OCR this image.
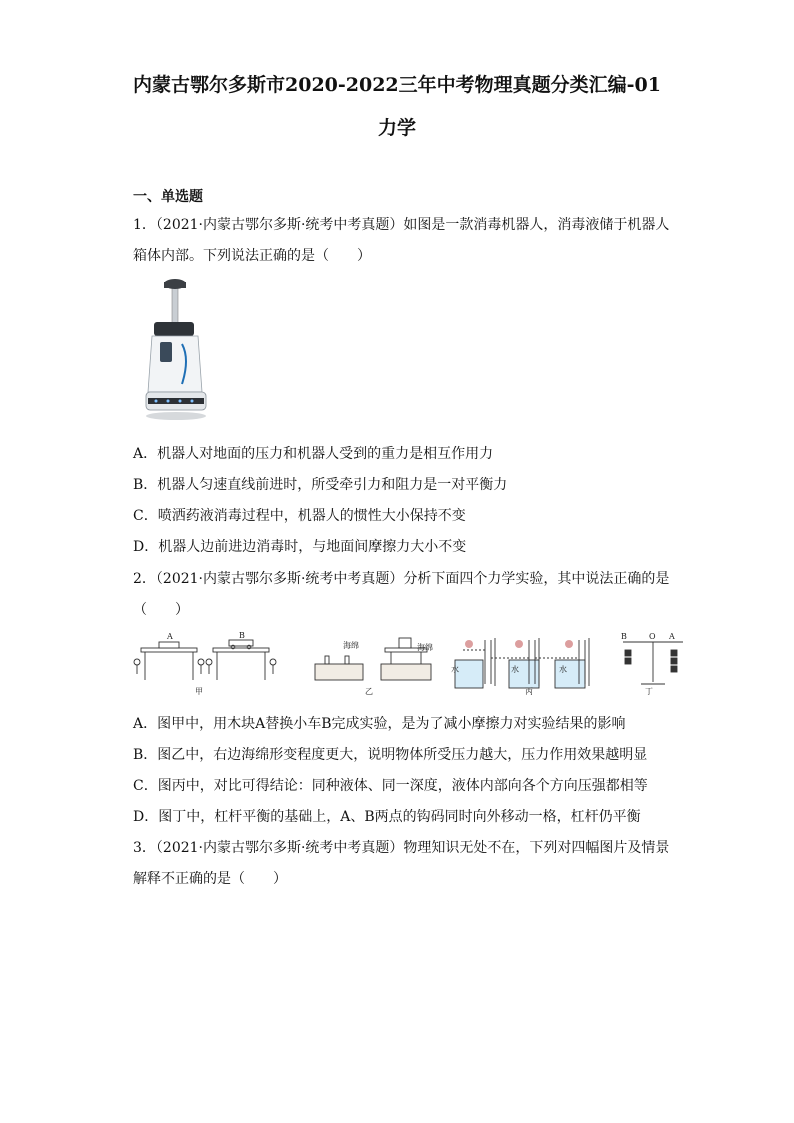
内蒙古鄂尔多斯市2020-2022三年中考物理真题分类汇编-01
力学
一、单选题
1．（2021·内蒙古鄂尔多斯·统考中考真题）如图是一款消毒机器人，消毒液储于机器人
箱体内部。下列说法正确的是（　　）
A．机器人对地面的压力和机器人受到的重力是相互作用力
B．机器人匀速直线前进时，所受牵引力和阻力是一对平衡力
C．喷洒药液消毒过程中，机器人的惯性大小保持不变
D．机器人边前进边消毒时，与地面间摩擦力大小不变
2．（2021·内蒙古鄂尔多斯·统考中考真题）分析下面四个力学实验，其中说法正确的是
（　　）
A	B
海绵	海绵
水	水	水
B	O A
甲	乙	丙	丁
A．图甲中，用木块A替换小车B完成实验，是为了减小摩擦力对实验结果的影响
B．图乙中，右边海绵形变程度更大，说明物体所受压力越大，压力作用效果越明显
C．图丙中，对比可得结论：同种液体、同一深度，液体内部向各个方向压强都相等
D．图丁中，杠杆平衡的基础上，A、B两点的钩码同时向外移动一格，杠杆仍平衡
3．（2021·内蒙古鄂尔多斯·统考中考真题）物理知识无处不在，下列对四幅图片及情景
解释不正确的是（　　）
